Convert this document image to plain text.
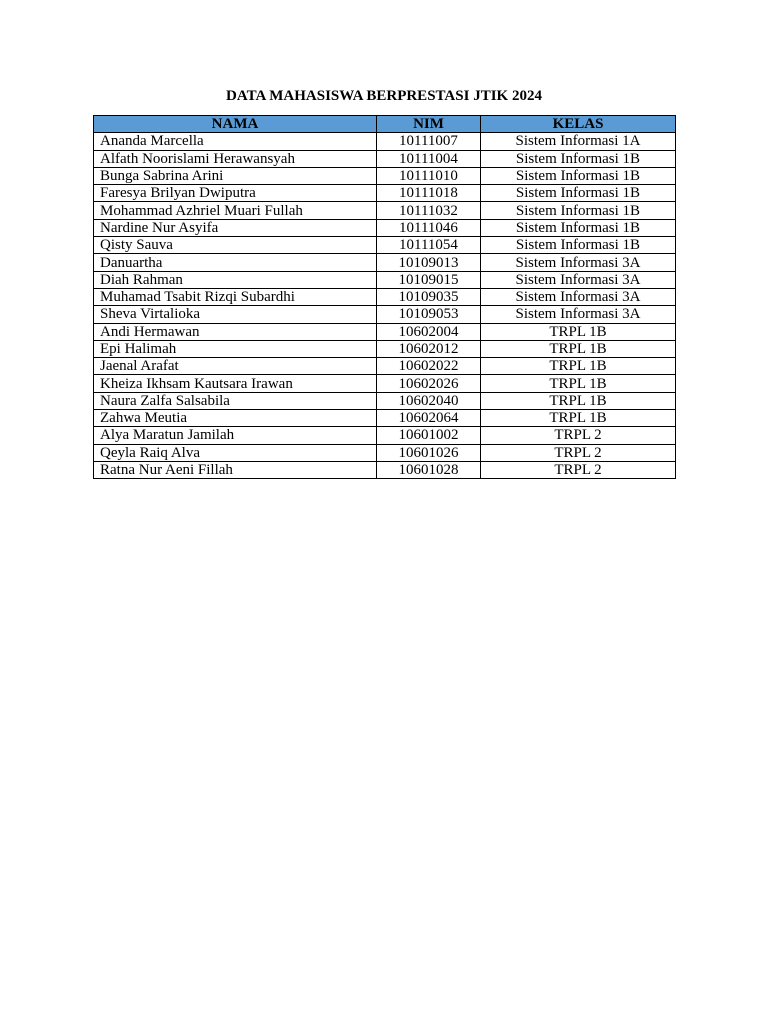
DATA MAHASISWA BERPRESTASI JTIK 2024
NAMA	NIM	KELAS
Ananda Marcella	10111007	Sistem Informasi 1A
Alfath Noorislami Herawansyah	10111004	Sistem Informasi 1B
Bunga Sabrina Arini	10111010	Sistem Informasi 1B
Faresya Brilyan Dwiputra	10111018	Sistem Informasi 1B
Mohammad Azhriel Muari Fullah	10111032	Sistem Informasi 1B
Nardine Nur Asyifa	10111046	Sistem Informasi 1B
Qisty Sauva	10111054	Sistem Informasi 1B
Danuartha	10109013	Sistem Informasi 3A
Diah Rahman	10109015	Sistem Informasi 3A
Muhamad Tsabit Rizqi Subardhi	10109035	Sistem Informasi 3A
Sheva Virtalioka	10109053	Sistem Informasi 3A
Andi Hermawan	10602004	TRPL 1B
Epi Halimah	10602012	TRPL 1B
Jaenal Arafat	10602022	TRPL 1B
Kheiza Ikhsam Kautsara Irawan	10602026	TRPL 1B
Naura Zalfa Salsabila	10602040	TRPL 1B
Zahwa Meutia	10602064	TRPL 1B
Alya Maratun Jamilah	10601002	TRPL 2
Qeyla Raiq Alva	10601026	TRPL 2
Ratna Nur Aeni Fillah	10601028	TRPL 2
